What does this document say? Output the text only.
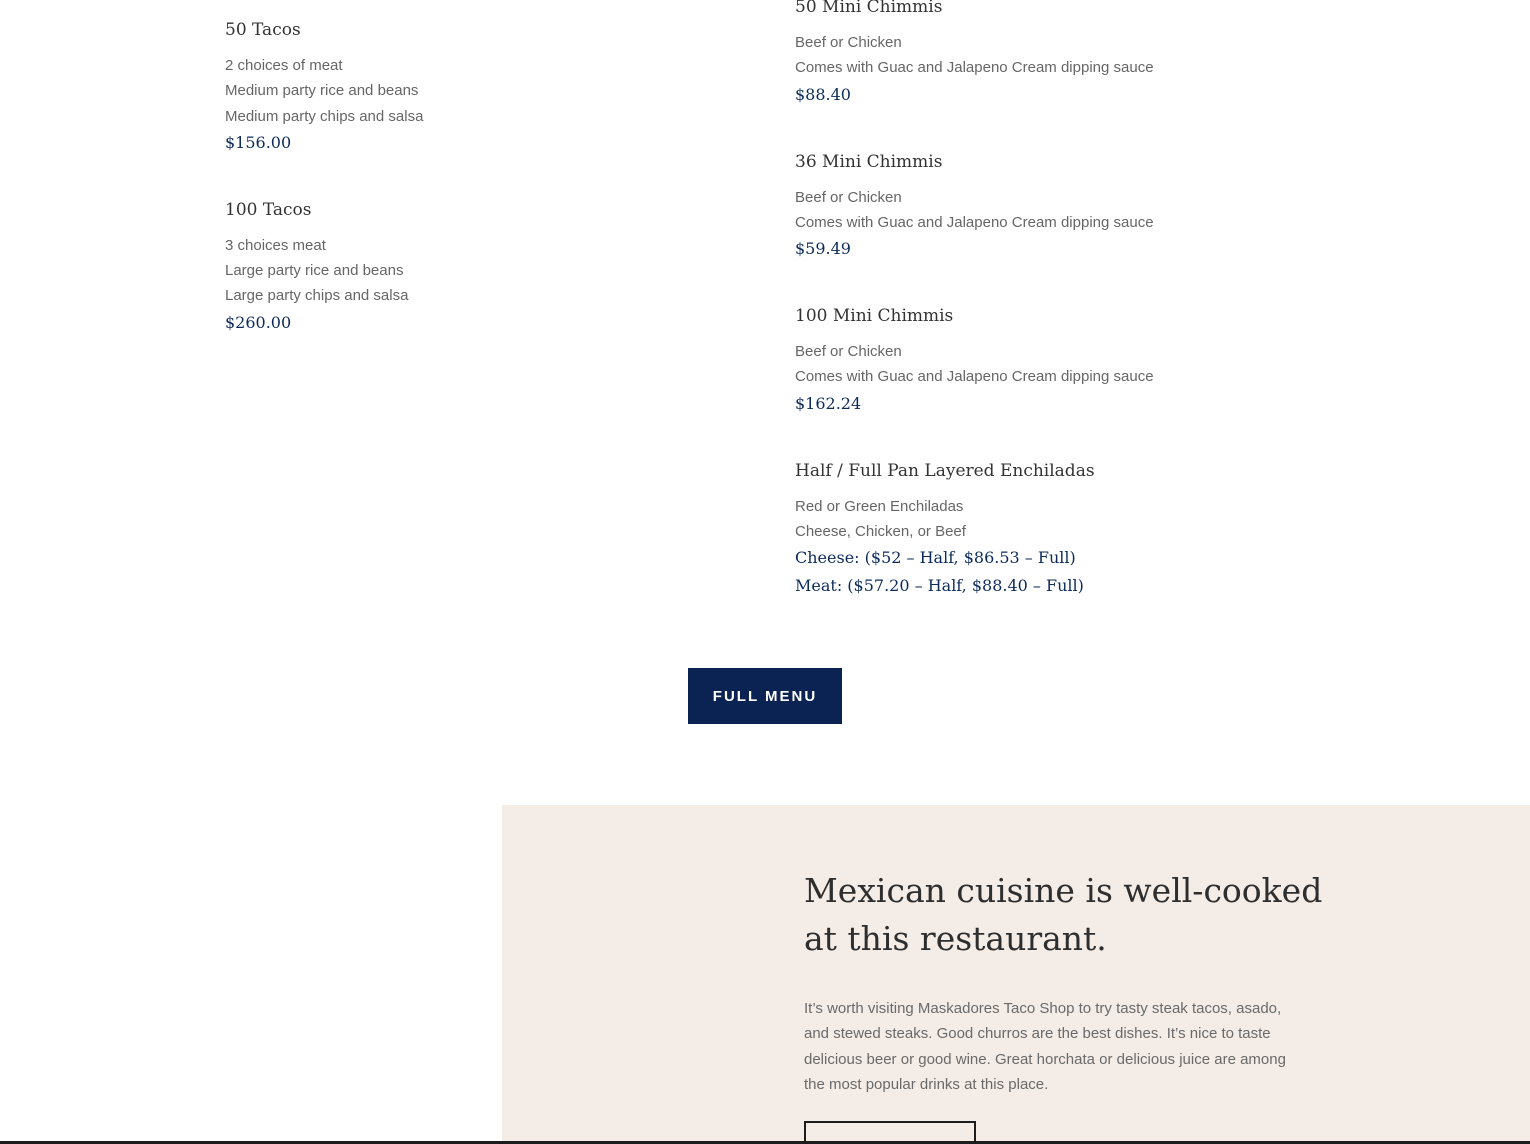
50 Tacos
2 choices of meat
Medium party rice and beans
Medium party chips and salsa
$156.00
100 Tacos
3 choices meat
Large party rice and beans
Large party chips and salsa
$260.00
50 Mini Chimmis
Beef or Chicken
Comes with Guac and Jalapeno Cream dipping sauce
$88.40
36 Mini Chimmis
Beef or Chicken
Comes with Guac and Jalapeno Cream dipping sauce
$59.49
100 Mini Chimmis
Beef or Chicken
Comes with Guac and Jalapeno Cream dipping sauce
$162.24
Half / Full Pan Layered Enchiladas
Red or Green Enchiladas
Cheese, Chicken, or Beef
Cheese: ($52 – Half, $86.53 – Full)
Meat: ($57.20 – Half, $88.40 – Full)
FULL MENU
Mexican cuisine is well-cooked at this restaurant.

It’s worth visiting Maskadores Taco Shop to try tasty steak tacos, asado, and stewed steaks. Good churros are the best dishes. It’s nice to taste delicious beer or good wine. Great horchata or delicious juice are among the most popular drinks at this place.
